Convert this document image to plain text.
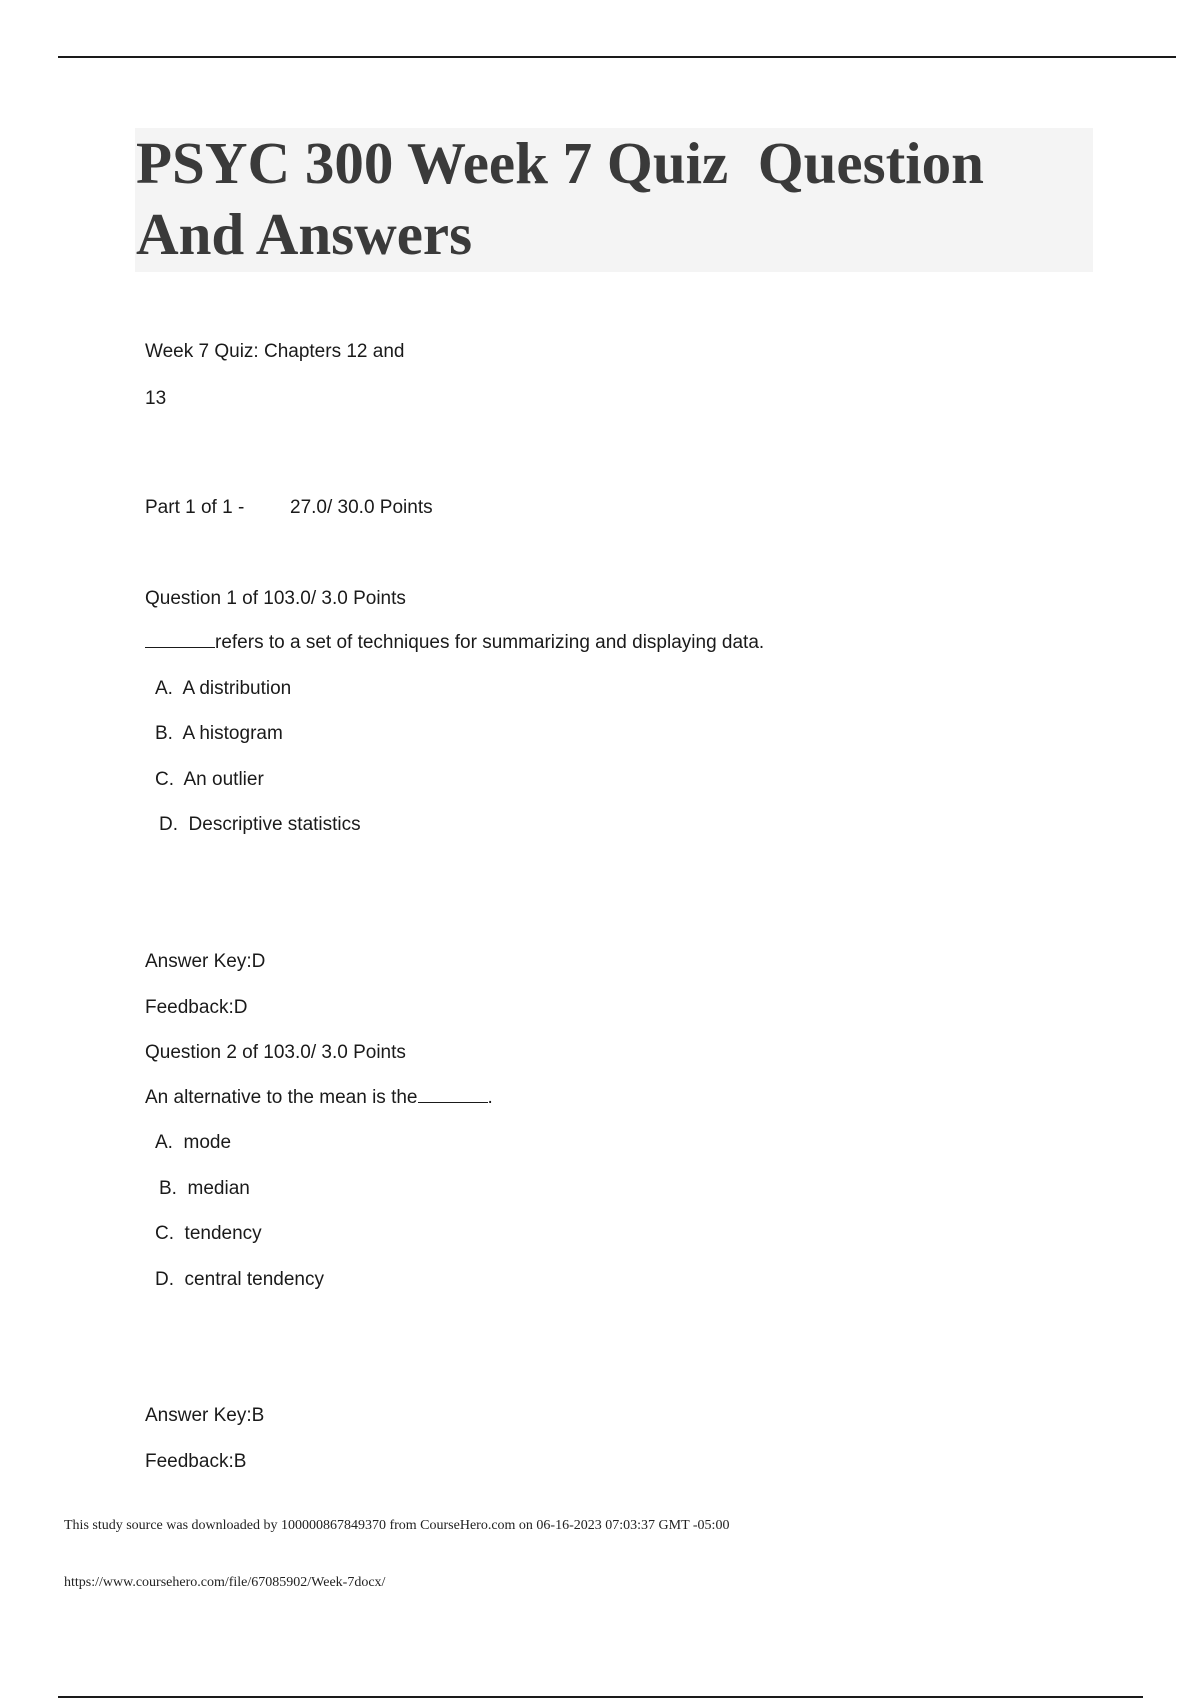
PSYC 300 Week 7 Quiz  Question And Answers

Week 7 Quiz: Chapters 12 and

13

Part 1 of 1 - 27.0/ 30.0 Points

Question 1 of 103.0/ 3.0 Points

refers to a set of techniques for summarizing and displaying data.

A.  A distribution

B.  A histogram

C.  An outlier

D.  Descriptive statistics

Answer Key:D

Feedback:D

Question 2 of 103.0/ 3.0 Points

An alternative to the mean is the	.

A.  mode

B.  median

C.  tendency

D.  central tendency

Answer Key:B

Feedback:B

This study source was downloaded by 100000867849370 from CourseHero.com on 06-16-2023 07:03:37 GMT -05:00

https://www.coursehero.com/file/67085902/Week-7docx/
